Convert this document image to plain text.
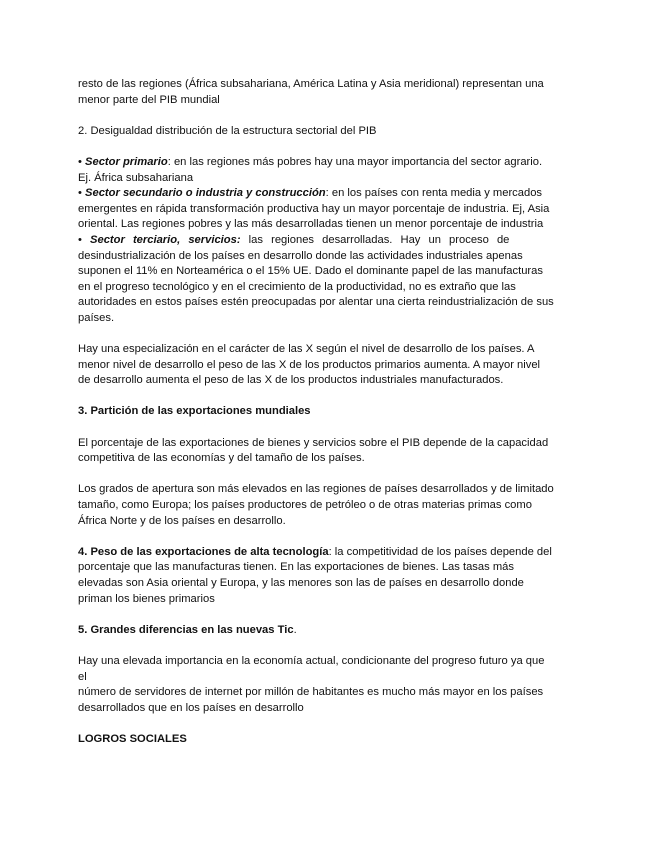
resto de las regiones (África subsahariana, América Latina y Asia meridional) representan una

menor parte del PIB mundial

2. Desigualdad distribución de la estructura sectorial del PIB

• Sector primario: en las regiones más pobres hay una mayor importancia del sector agrario.

Ej. África subsahariana

• Sector secundario o industria y construcción: en los países con renta media y mercados

emergentes en rápida transformación productiva hay un mayor porcentaje de industria. Ej, Asia

oriental. Las regiones pobres y las más desarrolladas tienen un menor porcentaje de industria

• Sector terciario, servicios: las regiones desarrolladas. Hay un proceso de

desindustrialización de los países en desarrollo donde las actividades industriales apenas

suponen el 11% en Norteamérica o el 15% UE. Dado el dominante papel de las manufacturas

en el progreso tecnológico y en el crecimiento de la productividad, no es extraño que las

autoridades en estos países estén preocupadas por alentar una cierta reindustrialización de sus

países.

Hay una especialización en el carácter de las X según el nivel de desarrollo de los países. A

menor nivel de desarrollo el peso de las X de los productos primarios aumenta. A mayor nivel

de desarrollo aumenta el peso de las X de los productos industriales manufacturados.

3. Partición de las exportaciones mundiales

El porcentaje de las exportaciones de bienes y servicios sobre el PIB depende de la capacidad

competitiva de las economías y del tamaño de los países.

Los grados de apertura son más elevados en las regiones de países desarrollados y de limitado

tamaño, como Europa; los países productores de petróleo o de otras materias primas como

África Norte y de los países en desarrollo.

4. Peso de las exportaciones de alta tecnología: la competitividad de los países depende del

porcentaje que las manufacturas tienen. En las exportaciones de bienes. Las tasas más

elevadas son Asia oriental y Europa, y las menores son las de países en desarrollo donde

priman los bienes primarios

5. Grandes diferencias en las nuevas Tic.

Hay una elevada importancia en la economía actual, condicionante del progreso futuro ya que

el

número de servidores de internet por millón de habitantes es mucho más mayor en los países

desarrollados que en los países en desarrollo

LOGROS SOCIALES
